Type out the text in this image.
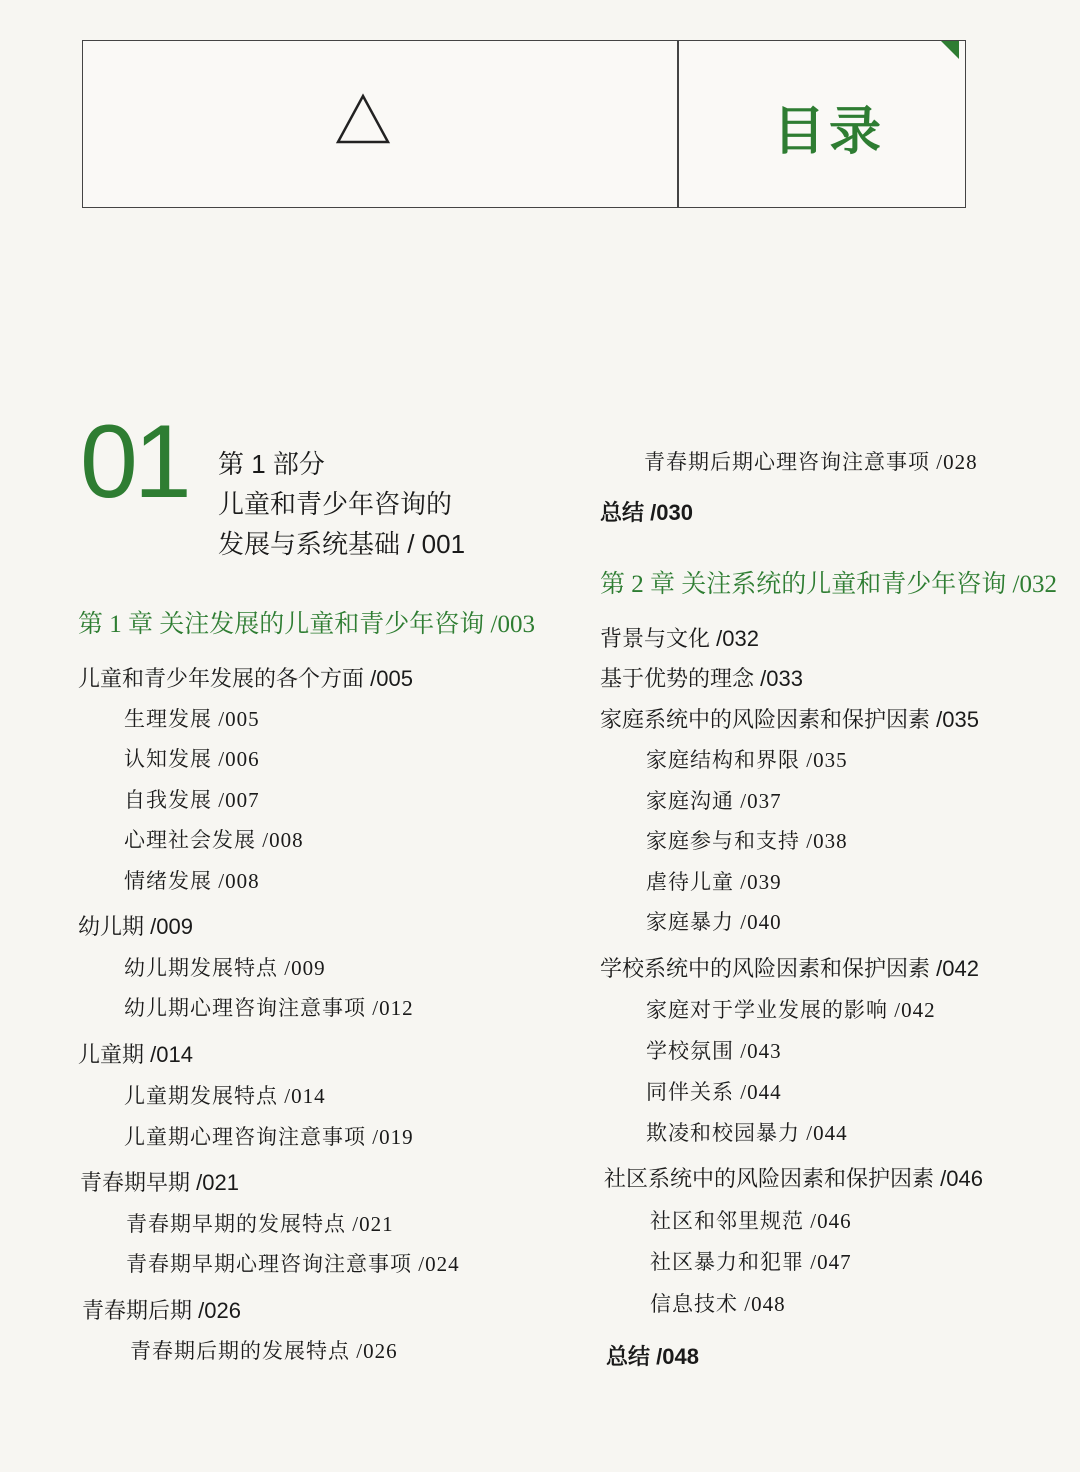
目录
01 第 1 部分
儿童和青少年咨询的
发展与系统基础 / 001
第 1 章 关注发展的儿童和青少年咨询 /003
儿童和青少年发展的各个方面 /005
生理发展 /005
认知发展 /006
自我发展 /007
心理社会发展 /008
情绪发展 /008
幼儿期 /009
幼儿期发展特点 /009
幼儿期心理咨询注意事项 /012
儿童期 /014
儿童期发展特点 /014
儿童期心理咨询注意事项 /019
青春期早期 /021
青春期早期的发展特点 /021
青春期早期心理咨询注意事项 /024
青春期后期 /026
青春期后期的发展特点 /026
青春期后期心理咨询注意事项 /028
总结 /030
第 2 章 关注系统的儿童和青少年咨询 /032
背景与文化 /032
基于优势的理念 /033
家庭系统中的风险因素和保护因素 /035
家庭结构和界限 /035
家庭沟通 /037
家庭参与和支持 /038
虐待儿童 /039
家庭暴力 /040
学校系统中的风险因素和保护因素 /042
家庭对于学业发展的影响 /042
学校氛围 /043
同伴关系 /044
欺凌和校园暴力 /044
社区系统中的风险因素和保护因素 /046
社区和邻里规范 /046
社区暴力和犯罪 /047
信息技术 /048
总结 /048
